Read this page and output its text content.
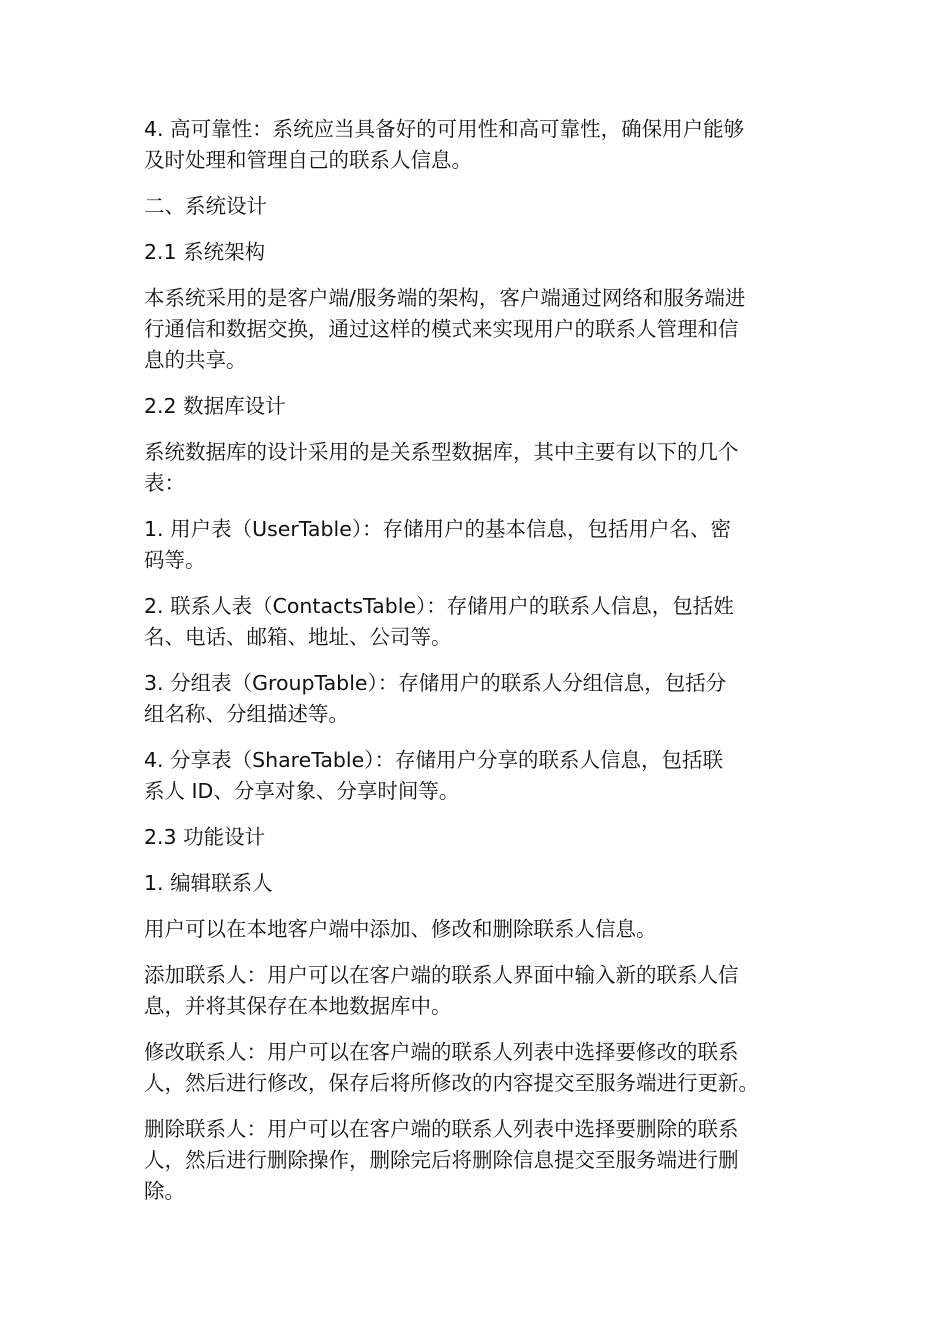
4. 高可靠性：系统应当具备好的可用性和高可靠性，确保用户能够
及时处理和管理自己的联系人信息。
二、系统设计
2.1 系统架构
本系统采用的是客户端/服务端的架构，客户端通过网络和服务端进
行通信和数据交换，通过这样的模式来实现用户的联系人管理和信
息的共享。
2.2 数据库设计
系统数据库的设计采用的是关系型数据库，其中主要有以下的几个
表：
1. 用户表（UserTable）：存储用户的基本信息，包括用户名、密
码等。
2. 联系人表（ContactsTable）：存储用户的联系人信息，包括姓
名、电话、邮箱、地址、公司等。
3. 分组表（GroupTable）：存储用户的联系人分组信息，包括分
组名称、分组描述等。
4. 分享表（ShareTable）：存储用户分享的联系人信息，包括联
系人 ID、分享对象、分享时间等。
2.3 功能设计
1. 编辑联系人
用户可以在本地客户端中添加、修改和删除联系人信息。
添加联系人：用户可以在客户端的联系人界面中输入新的联系人信
息，并将其保存在本地数据库中。
修改联系人：用户可以在客户端的联系人列表中选择要修改的联系
人，然后进行修改，保存后将所修改的内容提交至服务端进行更新。
删除联系人：用户可以在客户端的联系人列表中选择要删除的联系
人，然后进行删除操作，删除完后将删除信息提交至服务端进行删
除。
